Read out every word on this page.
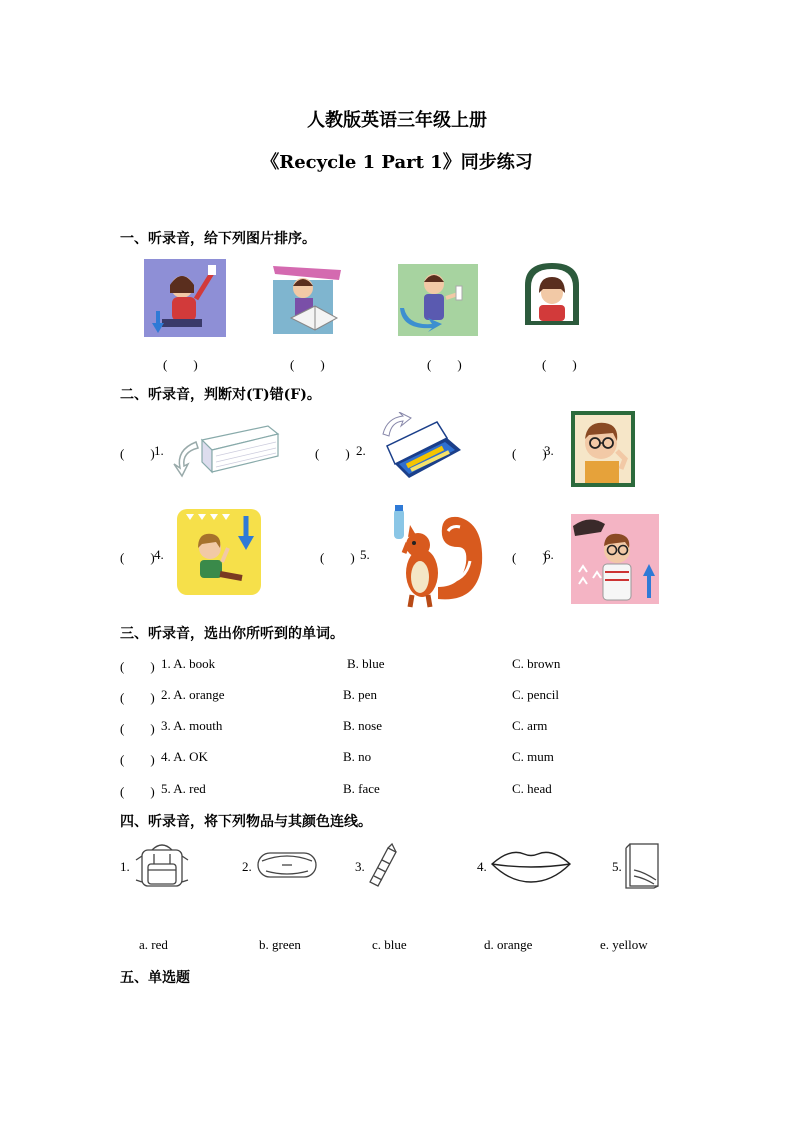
人教版英语三年级上册
《Recycle 1 Part 1》同步练习
一、听录音，给下列图片排序。
(　　)	(　　)	(　　)	(　　)
二、听录音，判断对(T)错(F)。
(　　) 1.	(　　) 2.	(　　)
3.
(　　) 4.	(　　) 5.	(　　)
6.
三、听录音，选出你所听到的单词。
(　　) 1. A. book	B. blue	C. brown
(　　) 2. A. orange	B. pen	C. pencil
(　　) 3. A. mouth	B. nose	C. arm
(　　) 4. A. OK	B. no	C. mum
(　　) 5. A. red	B. face	C. head
四、听录音，将下列物品与其颜色连线。
1.	2.	3.	4.	5.
a. red	b. green	c. blue	d. orange	e. yellow
五、单选题
